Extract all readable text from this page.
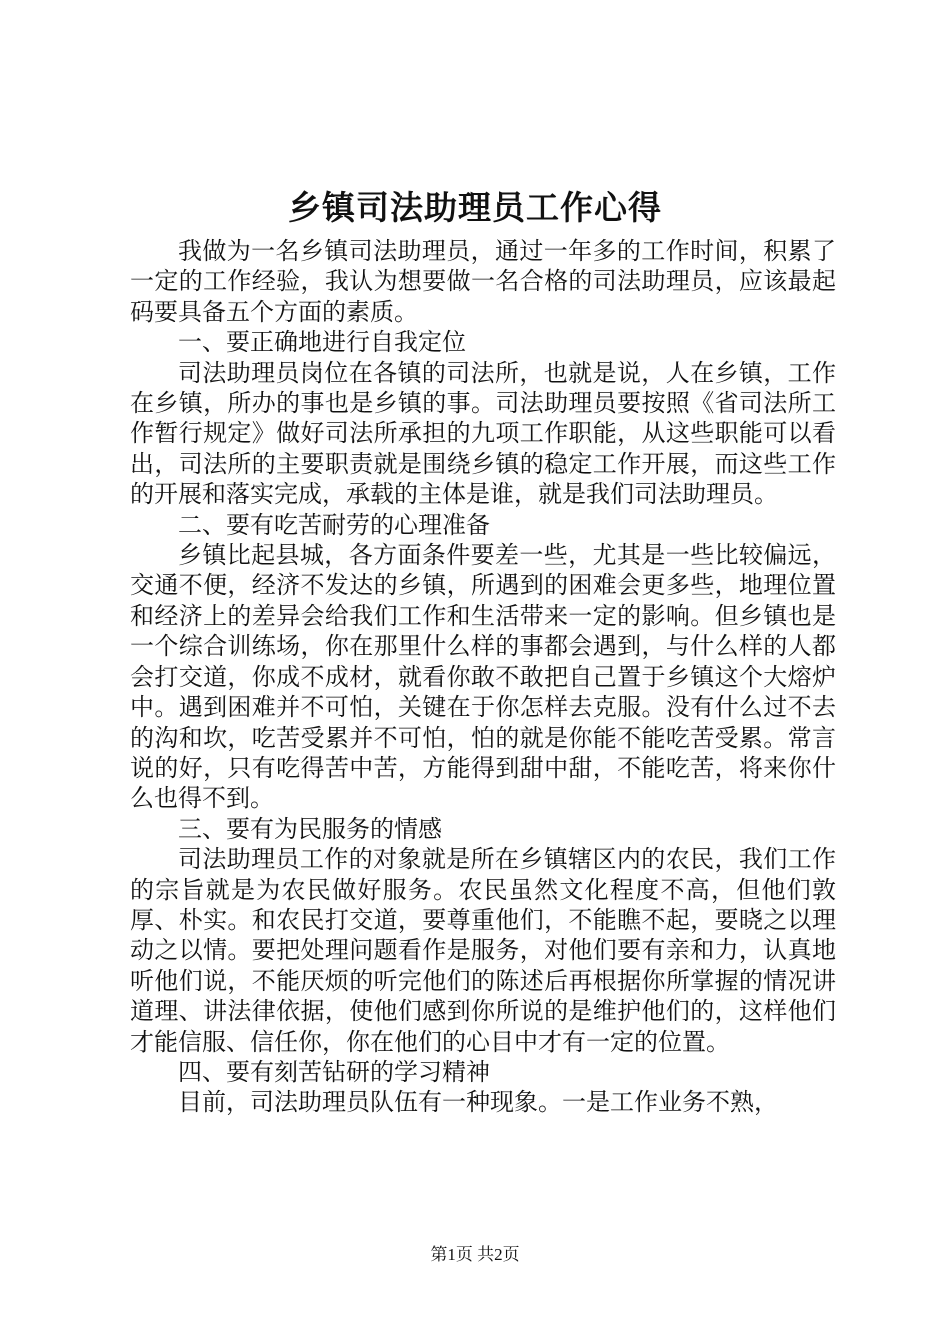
乡镇司法助理员工作心得

我做为一名乡镇司法助理员，通过一年多的工作时间，积累了一定的工作经验，我认为想要做一名合格的司法助理员，应该最起码要具备五个方面的素质。

一、要正确地进行自我定位

司法助理员岗位在各镇的司法所，也就是说，人在乡镇，工作在乡镇，所办的事也是乡镇的事。司法助理员要按照《省司法所工作暂行规定》做好司法所承担的九项工作职能，从这些职能可以看出，司法所的主要职责就是围绕乡镇的稳定工作开展，而这些工作的开展和落实完成，承载的主体是谁，就是我们司法助理员。

二、要有吃苦耐劳的心理准备

乡镇比起县城，各方面条件要差一些，尤其是一些比较偏远，交通不便，经济不发达的乡镇，所遇到的困难会更多些，地理位置和经济上的差异会给我们工作和生活带来一定的影响。但乡镇也是一个综合训练场，你在那里什么样的事都会遇到，与什么样的人都会打交道，你成不成材，就看你敢不敢把自己置于乡镇这个大熔炉中。遇到困难并不可怕，关键在于你怎样去克服。没有什么过不去的沟和坎，吃苦受累并不可怕，怕的就是你能不能吃苦受累。常言说的好，只有吃得苦中苦，方能得到甜中甜，不能吃苦，将来你什么也得不到。

三、要有为民服务的情感

司法助理员工作的对象就是所在乡镇辖区内的农民，我们工作的宗旨就是为农民做好服务。农民虽然文化程度不高，但他们敦厚、朴实。和农民打交道，要尊重他们，不能瞧不起，要晓之以理动之以情。要把处理问题看作是服务，对他们要有亲和力，认真地听他们说，不能厌烦的听完他们的陈述后再根据你所掌握的情况讲道理、讲法律依据，使他们感到你所说的是维护他们的，这样他们才能信服、信任你，你在他们的心目中才有一定的位置。

四、要有刻苦钻研的学习精神

目前，司法助理员队伍有一种现象。一是工作业务不熟，

第1页 共2页
